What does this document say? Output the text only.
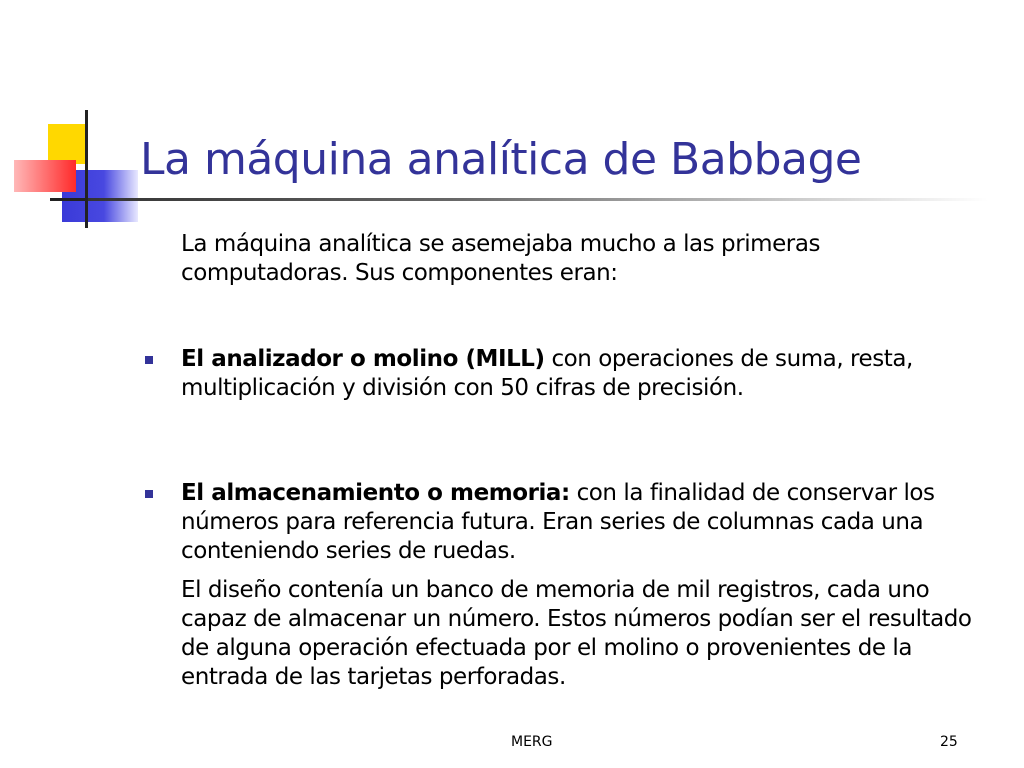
La máquina analítica de Babbage

La máquina analítica se asemejaba mucho a las primeras computadoras. Sus componentes eran:

El analizador o molino (MILL) con operaciones de suma, resta, multiplicación y división con 50 cifras de precisión.

El almacenamiento o memoria: con la finalidad de conservar los números para referencia futura. Eran series de columnas cada una conteniendo series de ruedas.

El diseño contenía un banco de memoria de mil registros, cada uno capaz de almacenar un número. Estos números podían ser el resultado de alguna operación efectuada por el molino o provenientes de la entrada de las tarjetas perforadas.

MERG	25
